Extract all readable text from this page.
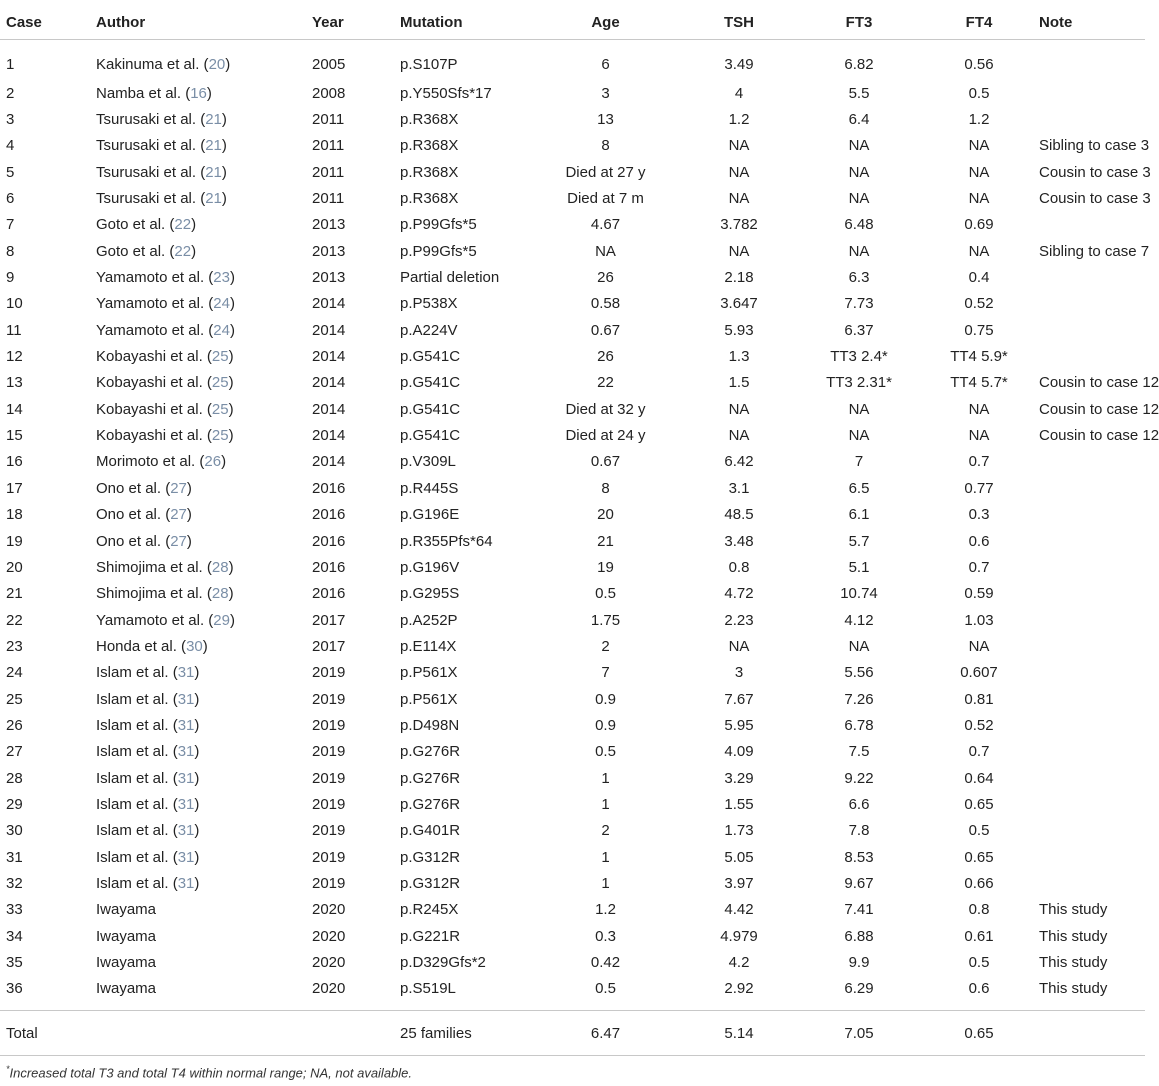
Case	Author	Year	Mutation	Age	TSH	FT3	FT4	Note
1	Kakinuma et al. (20)	2005	p.S107P	6	3.49	6.82	0.56	
2	Namba et al. (16)	2008	p.Y550Sfs*17	3	4	5.5	0.5	
3	Tsurusaki et al. (21)	2011	p.R368X	13	1.2	6.4	1.2	
4	Tsurusaki et al. (21)	2011	p.R368X	8	NA	NA	NA	Sibling to case 3
5	Tsurusaki et al. (21)	2011	p.R368X	Died at 27 y	NA	NA	NA	Cousin to case 3
6	Tsurusaki et al. (21)	2011	p.R368X	Died at 7 m	NA	NA	NA	Cousin to case 3
7	Goto et al. (22)	2013	p.P99Gfs*5	4.67	3.782	6.48	0.69	
8	Goto et al. (22)	2013	p.P99Gfs*5	NA	NA	NA	NA	Sibling to case 7
9	Yamamoto et al. (23)	2013	Partial deletion	26	2.18	6.3	0.4	
10	Yamamoto et al. (24)	2014	p.P538X	0.58	3.647	7.73	0.52	
11	Yamamoto et al. (24)	2014	p.A224V	0.67	5.93	6.37	0.75	
12	Kobayashi et al. (25)	2014	p.G541C	26	1.3	TT3 2.4*	TT4 5.9*	
13	Kobayashi et al. (25)	2014	p.G541C	22	1.5	TT3 2.31*	TT4 5.7*	Cousin to case 12
14	Kobayashi et al. (25)	2014	p.G541C	Died at 32 y	NA	NA	NA	Cousin to case 12
15	Kobayashi et al. (25)	2014	p.G541C	Died at 24 y	NA	NA	NA	Cousin to case 12
16	Morimoto et al. (26)	2014	p.V309L	0.67	6.42	7	0.7	
17	Ono et al. (27)	2016	p.R445S	8	3.1	6.5	0.77	
18	Ono et al. (27)	2016	p.G196E	20	48.5	6.1	0.3	
19	Ono et al. (27)	2016	p.R355Pfs*64	21	3.48	5.7	0.6	
20	Shimojima et al. (28)	2016	p.G196V	19	0.8	5.1	0.7	
21	Shimojima et al. (28)	2016	p.G295S	0.5	4.72	10.74	0.59	
22	Yamamoto et al. (29)	2017	p.A252P	1.75	2.23	4.12	1.03	
23	Honda et al. (30)	2017	p.E114X	2	NA	NA	NA	
24	Islam et al. (31)	2019	p.P561X	7	3	5.56	0.607	
25	Islam et al. (31)	2019	p.P561X	0.9	7.67	7.26	0.81	
26	Islam et al. (31)	2019	p.D498N	0.9	5.95	6.78	0.52	
27	Islam et al. (31)	2019	p.G276R	0.5	4.09	7.5	0.7	
28	Islam et al. (31)	2019	p.G276R	1	3.29	9.22	0.64	
29	Islam et al. (31)	2019	p.G276R	1	1.55	6.6	0.65	
30	Islam et al. (31)	2019	p.G401R	2	1.73	7.8	0.5	
31	Islam et al. (31)	2019	p.G312R	1	5.05	8.53	0.65	
32	Islam et al. (31)	2019	p.G312R	1	3.97	9.67	0.66	
33	Iwayama	2020	p.R245X	1.2	4.42	7.41	0.8	This study
34	Iwayama	2020	p.G221R	0.3	4.979	6.88	0.61	This study
35	Iwayama	2020	p.D329Gfs*2	0.42	4.2	9.9	0.5	This study
36	Iwayama	2020	p.S519L	0.5	2.92	6.29	0.6	This study
Total			25 families	6.47	5.14	7.05	0.65	
*Increased total T3 and total T4 within normal range; NA, not available.
